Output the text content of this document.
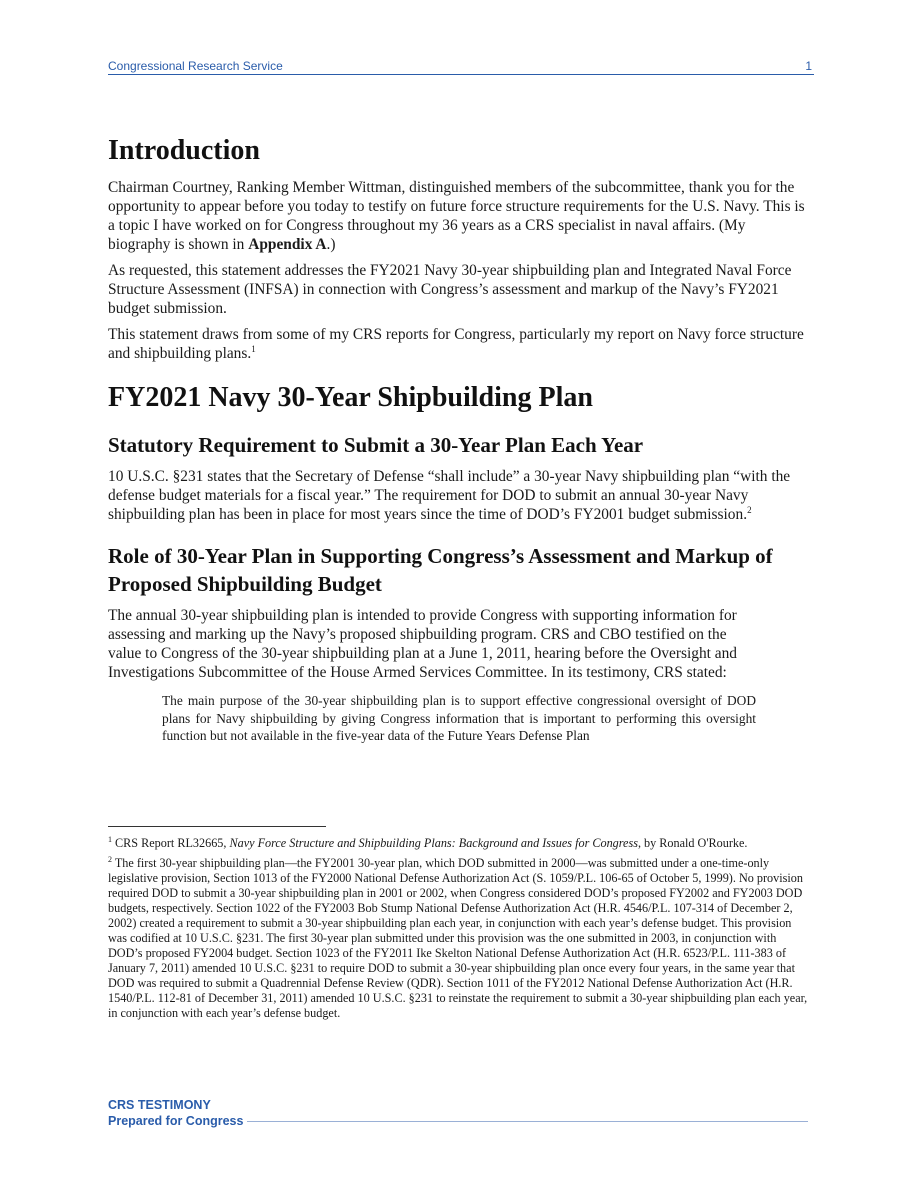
Congressional Research Service	1
Introduction

Chairman Courtney, Ranking Member Wittman, distinguished members of the subcommittee, thank you for the opportunity to appear before you today to testify on future force structure requirements for the U.S. Navy. This is a topic I have worked on for Congress throughout my 36 years as a CRS specialist in naval affairs. (My biography is shown in Appendix A.)

As requested, this statement addresses the FY2021 Navy 30-year shipbuilding plan and Integrated Naval Force Structure Assessment (INFSA) in connection with Congress’s assessment and markup of the Navy’s FY2021 budget submission.

This statement draws from some of my CRS reports for Congress, particularly my report on Navy force structure and shipbuilding plans.$^1$

FY2021 Navy 30-Year Shipbuilding Plan
Statutory Requirement to Submit a 30-Year Plan Each Year

10 U.S.C. §231 states that the Secretary of Defense “shall include” a 30-year Navy shipbuilding plan “with the defense budget materials for a fiscal year.” The requirement for DOD to submit an annual 30-year Navy shipbuilding plan has been in place for most years since the time of DOD’s FY2001 budget submission.$^2$

Role of 30-Year Plan in Supporting Congress’s Assessment and Markup of Proposed Shipbuilding Budget

The annual 30-year shipbuilding plan is intended to provide Congress with supporting information for assessing and marking up the Navy’s proposed shipbuilding program. CRS and CBO testified on the value to Congress of the 30-year shipbuilding plan at a June 1, 2011, hearing before the Oversight and Investigations Subcommittee of the House Armed Services Committee. In its testimony, CRS stated:

The main purpose of the 30-year shipbuilding plan is to support effective congressional oversight of DOD plans for Navy shipbuilding by giving Congress information that is important to performing this oversight function but not available in the five-year data of the Future Years Defense Plan

$^1$ CRS Report RL32665, Navy Force Structure and Shipbuilding Plans: Background and Issues for Congress, by Ronald O'Rourke.

$^2$ The first 30-year shipbuilding plan—the FY2001 30-year plan, which DOD submitted in 2000—was submitted under a one-time-only legislative provision, Section 1013 of the FY2000 National Defense Authorization Act (S. 1059/P.L. 106-65 of October 5, 1999). No provision required DOD to submit a 30-year shipbuilding plan in 2001 or 2002, when Congress considered DOD’s proposed FY2002 and FY2003 DOD budgets, respectively. Section 1022 of the FY2003 Bob Stump National Defense Authorization Act (H.R. 4546/P.L. 107-314 of December 2, 2002) created a requirement to submit a 30-year shipbuilding plan each year, in conjunction with each year’s defense budget. This provision was codified at 10 U.S.C. §231. The first 30-year plan submitted under this provision was the one submitted in 2003, in conjunction with DOD’s proposed FY2004 budget. Section 1023 of the FY2011 Ike Skelton National Defense Authorization Act (H.R. 6523/P.L. 111-383 of January 7, 2011) amended 10 U.S.C. §231 to require DOD to submit a 30-year shipbuilding plan once every four years, in the same year that DOD was required to submit a Quadrennial Defense Review (QDR). Section 1011 of the FY2012 National Defense Authorization Act (H.R. 1540/P.L. 112-81 of December 31, 2011) amended 10 U.S.C. §231 to reinstate the requirement to submit a 30-year shipbuilding plan each year, in conjunction with each year’s defense budget.

CRS TESTIMONY
Prepared for Congress
